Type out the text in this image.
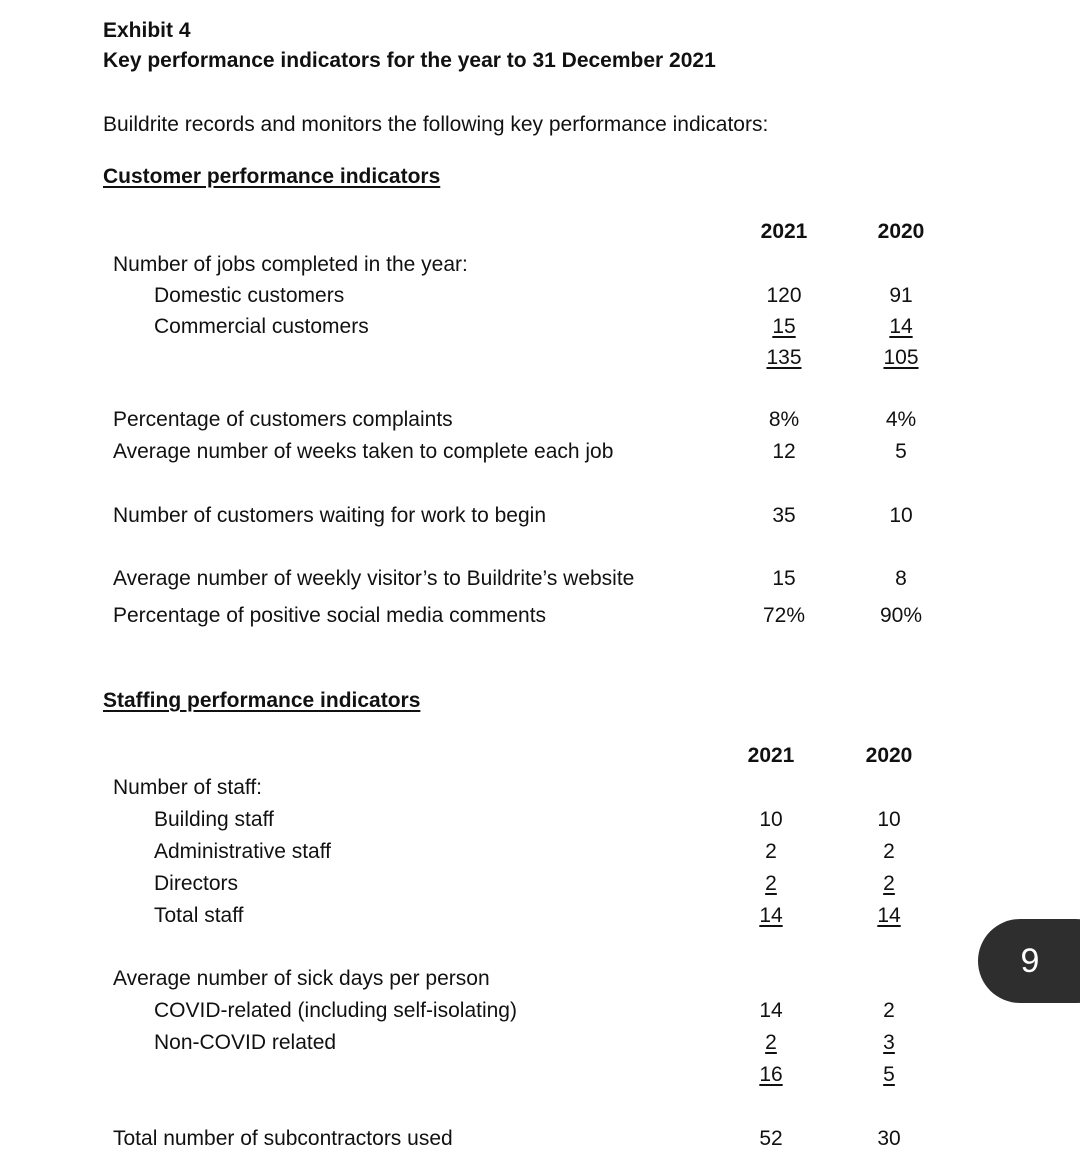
Exhibit 4
Key performance indicators for the year to 31 December 2021
Buildrite records and monitors the following key performance indicators:
Customer performance indicators
2021	2020
Number of jobs completed in the year:
Domestic customers	120	91
Commercial customers	15	14
135	105
Percentage of customers complaints	8%	4%
Average number of weeks taken to complete each job	12	5
Number of customers waiting for work to begin	35	10
Average number of weekly visitor’s to Buildrite’s website	15	8
Percentage of positive social media comments	72%	90%
Staffing performance indicators
2021	2020
Number of staff:
Building staff	10	10
Administrative staff	2	2
Directors	2	2
Total staff	14	14
Average number of sick days per person
COVID-related (including self-isolating)	14	2
Non-COVID related	2	3
16	5
Total number of subcontractors used	52	30
9
